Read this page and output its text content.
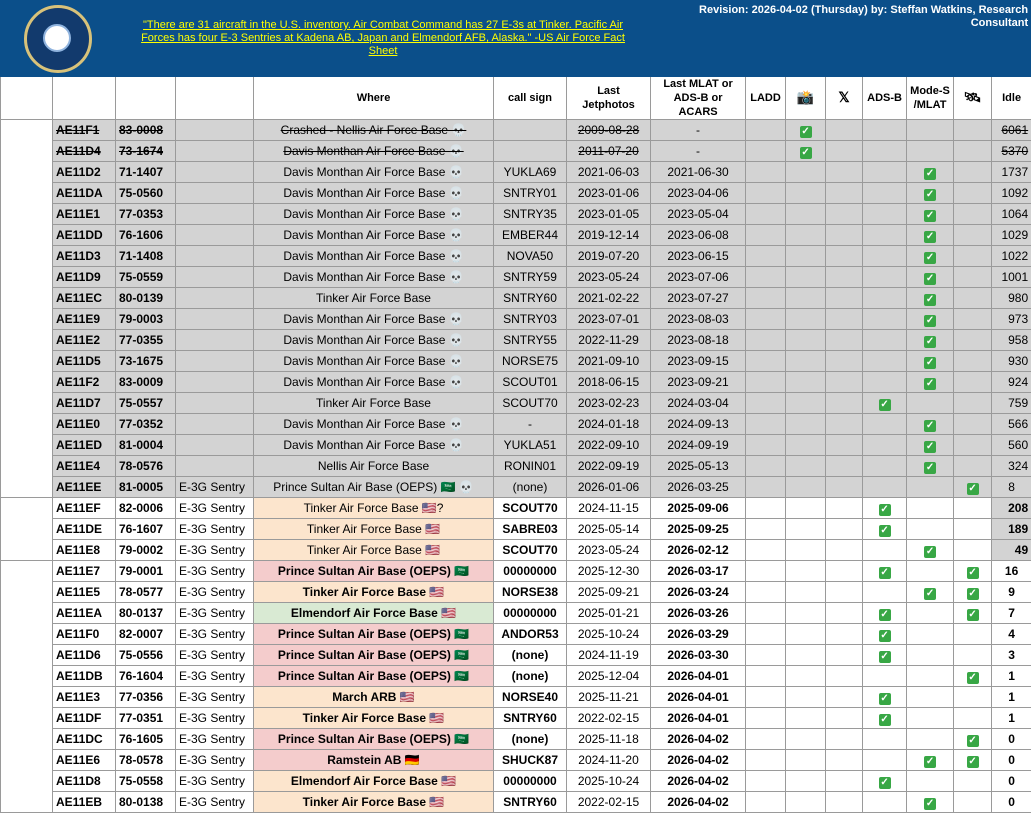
		"There are 31 aircraft in the U.S. inventory. Air Combat Command has 27 E-3s at Tinker. Pacific Air Forces has four E-3 Sentries at Kadena AB, Japan and Elmendorf AFB, Alaska." -US Air Force Fact Sheet					Revision: 2026-04-02 (Thursday) by: Steffan Watkins, Research Consultant							
				Where	call sign	Last Jetphotos	Last MLAT or ADS-B or ACARS	LADD	📸	𝕏	ADS-B	Mode-S /MLAT	🛰	Idle
	AE11F1	83-0008		Crashed - Nellis Air Force Base 💀		2009-08-28	-		✓					6061
	AE11D4	73-1674		Davis Monthan Air Force Base 💀		2011-07-20	-		✓					5370
	AE11D2	71-1407		Davis Monthan Air Force Base 💀	YUKLA69	2021-06-03	2021-06-30					✓		1737
	AE11DA	75-0560		Davis Monthan Air Force Base 💀	SNTRY01	2023-01-06	2023-04-06					✓		1092
	AE11E1	77-0353		Davis Monthan Air Force Base 💀	SNTRY35	2023-01-05	2023-05-04					✓		1064
	AE11DD	76-1606		Davis Monthan Air Force Base 💀	EMBER44	2019-12-14	2023-06-08					✓		1029
	AE11D3	71-1408		Davis Monthan Air Force Base 💀	NOVA50	2019-07-20	2023-06-15					✓		1022
	AE11D9	75-0559		Davis Monthan Air Force Base 💀	SNTRY59	2023-05-24	2023-07-06					✓		1001
	AE11EC	80-0139		Tinker Air Force Base	SNTRY60	2021-02-22	2023-07-27					✓		980
	AE11E9	79-0003		Davis Monthan Air Force Base 💀	SNTRY03	2023-07-01	2023-08-03					✓		973
	AE11E2	77-0355		Davis Monthan Air Force Base 💀	SNTRY55	2022-11-29	2023-08-18					✓		958
	AE11D5	73-1675		Davis Monthan Air Force Base 💀	NORSE75	2021-09-10	2023-09-15					✓		930
	AE11F2	83-0009		Davis Monthan Air Force Base 💀	SCOUT01	2018-06-15	2023-09-21					✓		924
	AE11D7	75-0557		Tinker Air Force Base	SCOUT70	2023-02-23	2024-03-04				✓			759
	AE11E0	77-0352		Davis Monthan Air Force Base 💀	-	2024-01-18	2024-09-13					✓		566
	AE11ED	81-0004		Davis Monthan Air Force Base 💀	YUKLA51	2022-09-10	2024-09-19					✓		560
	AE11E4	78-0576		Nellis Air Force Base	RONIN01	2022-09-19	2025-05-13					✓		324
	AE11EE	81-0005	E-3G Sentry	Prince Sultan Air Base (OEPS) 🇸🇦 💀	(none)	2026-01-06	2026-03-25						✓	8
	AE11EF	82-0006	E-3G Sentry	Tinker Air Force Base 🇺🇸?	SCOUT70	2024-11-15	2025-09-06				✓			208
	AE11DE	76-1607	E-3G Sentry	Tinker Air Force Base 🇺🇸	SABRE03	2025-05-14	2025-09-25				✓			189
	AE11E8	79-0002	E-3G Sentry	Tinker Air Force Base 🇺🇸	SCOUT70	2023-05-24	2026-02-12					✓		49
	AE11E7	79-0001	E-3G Sentry	Prince Sultan Air Base (OEPS) 🇸🇦	00000000	2025-12-30	2026-03-17				✓		✓	16
	AE11E5	78-0577	E-3G Sentry	Tinker Air Force Base 🇺🇸	NORSE38	2025-09-21	2026-03-24					✓	✓	9
	AE11EA	80-0137	E-3G Sentry	Elmendorf Air Force Base 🇺🇸	00000000	2025-01-21	2026-03-26				✓		✓	7
	AE11F0	82-0007	E-3G Sentry	Prince Sultan Air Base (OEPS) 🇸🇦	ANDOR53	2025-10-24	2026-03-29				✓			4
	AE11D6	75-0556	E-3G Sentry	Prince Sultan Air Base (OEPS) 🇸🇦	(none)	2024-11-19	2026-03-30				✓			3
	AE11DB	76-1604	E-3G Sentry	Prince Sultan Air Base (OEPS) 🇸🇦	(none)	2025-12-04	2026-04-01						✓	1
	AE11E3	77-0356	E-3G Sentry	March ARB 🇺🇸	NORSE40	2025-11-21	2026-04-01				✓			1
	AE11DF	77-0351	E-3G Sentry	Tinker Air Force Base 🇺🇸	SNTRY60	2022-02-15	2026-04-01				✓			1
	AE11DC	76-1605	E-3G Sentry	Prince Sultan Air Base (OEPS) 🇸🇦	(none)	2025-11-18	2026-04-02						✓	0
	AE11E6	78-0578	E-3G Sentry	Ramstein AB 🇩🇪	SHUCK87	2024-11-20	2026-04-02					✓	✓	0
	AE11D8	75-0558	E-3G Sentry	Elmendorf Air Force Base 🇺🇸	00000000	2025-10-24	2026-04-02				✓			0
	AE11EB	80-0138	E-3G Sentry	Tinker Air Force Base 🇺🇸	SNTRY60	2022-02-15	2026-04-02					✓		0
